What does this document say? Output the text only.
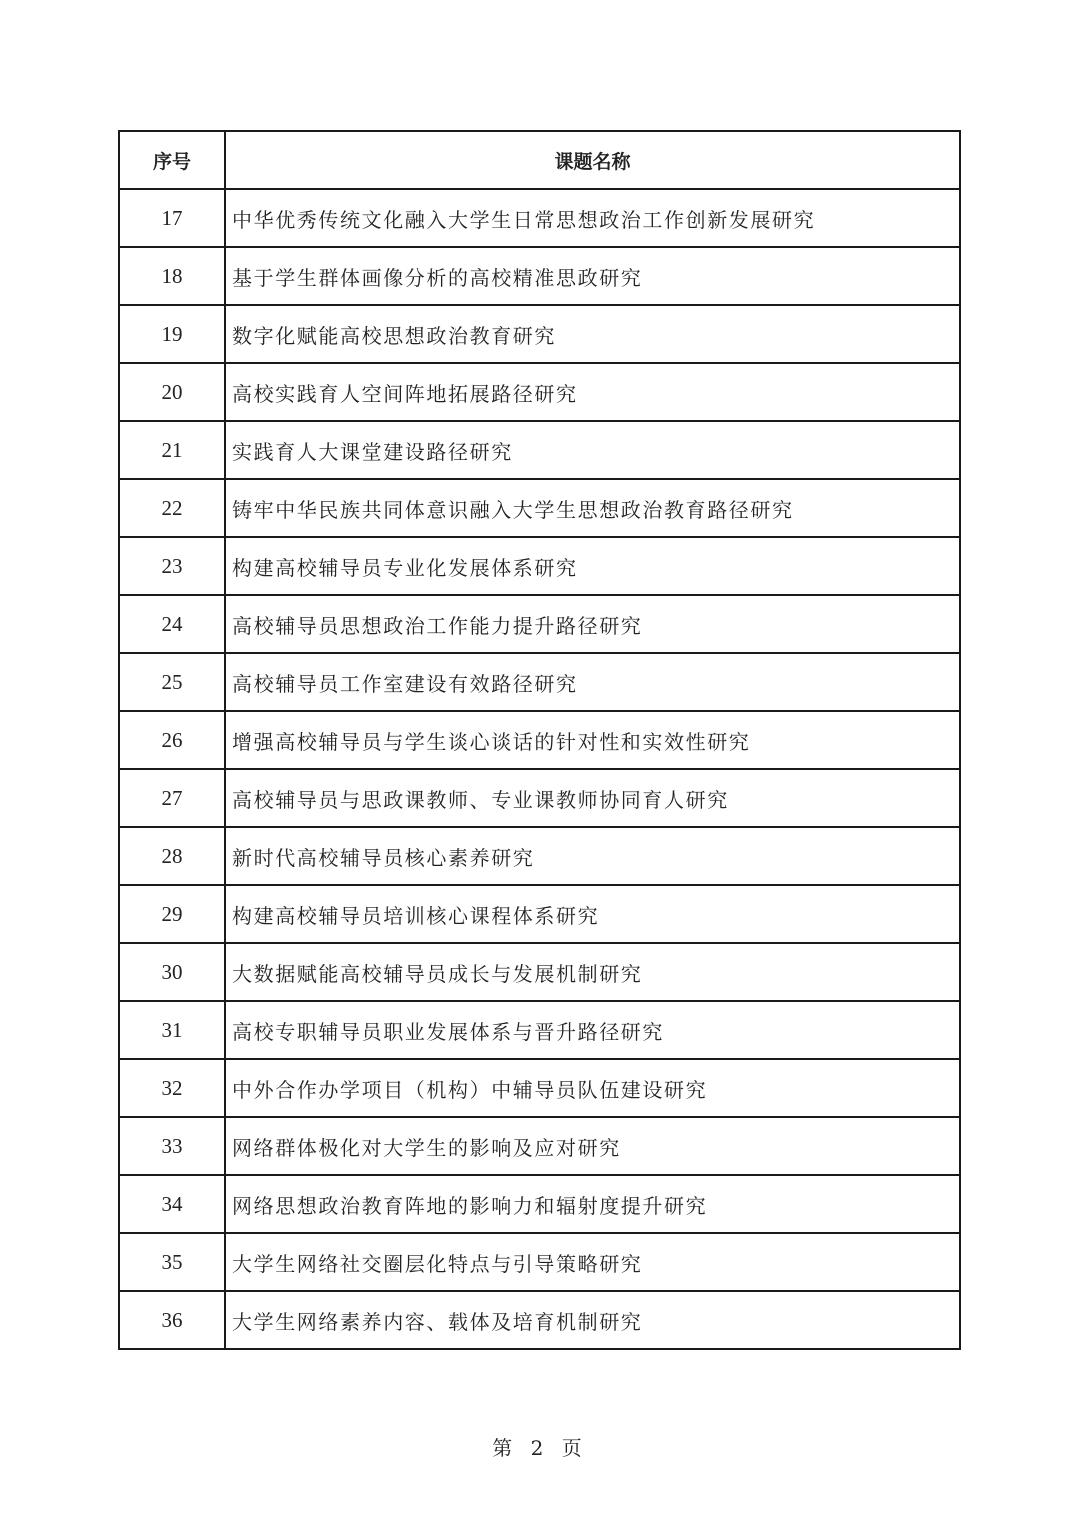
序号	课题名称
17	中华优秀传统文化融入大学生日常思想政治工作创新发展研究
18	基于学生群体画像分析的高校精准思政研究
19	数字化赋能高校思想政治教育研究
20	高校实践育人空间阵地拓展路径研究
21	实践育人大课堂建设路径研究
22	铸牢中华民族共同体意识融入大学生思想政治教育路径研究
23	构建高校辅导员专业化发展体系研究
24	高校辅导员思想政治工作能力提升路径研究
25	高校辅导员工作室建设有效路径研究
26	增强高校辅导员与学生谈心谈话的针对性和实效性研究
27	高校辅导员与思政课教师、专业课教师协同育人研究
28	新时代高校辅导员核心素养研究
29	构建高校辅导员培训核心课程体系研究
30	大数据赋能高校辅导员成长与发展机制研究
31	高校专职辅导员职业发展体系与晋升路径研究
32	中外合作办学项目（机构）中辅导员队伍建设研究
33	网络群体极化对大学生的影响及应对研究
34	网络思想政治教育阵地的影响力和辐射度提升研究
35	大学生网络社交圈层化特点与引导策略研究
36	大学生网络素养内容、载体及培育机制研究
第 2 页
